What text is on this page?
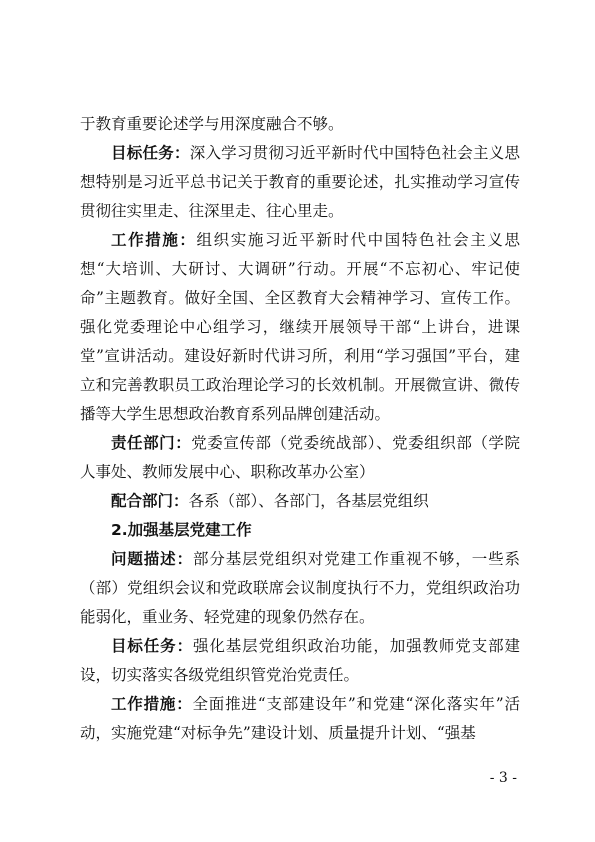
于教育重要论述学与用深度融合不够。

目标任务：深入学习贯彻习近平新时代中国特色社会主义思想特别是习近平总书记关于教育的重要论述，扎实推动学习宣传贯彻往实里走、往深里走、往心里走。

工作措施：组织实施习近平新时代中国特色社会主义思想“大培训、大研讨、大调研”行动。开展“不忘初心、牢记使命”主题教育。做好全国、全区教育大会精神学习、宣传工作。强化党委理论中心组学习，继续开展领导干部“上讲台，进课堂”宣讲活动。建设好新时代讲习所，利用“学习强国”平台，建立和完善教职员工政治理论学习的长效机制。开展微宣讲、微传播等大学生思想政治教育系列品牌创建活动。

责任部门：党委宣传部（党委统战部）、党委组织部（学院人事处、教师发展中心、职称改革办公室）

配合部门：各系（部）、各部门，各基层党组织

2.加强基层党建工作

问题描述：部分基层党组织对党建工作重视不够，一些系（部）党组织会议和党政联席会议制度执行不力，党组织政治功能弱化，重业务、轻党建的现象仍然存在。

目标任务：强化基层党组织政治功能，加强教师党支部建设，切实落实各级党组织管党治党责任。

工作措施：全面推进“支部建设年”和党建“深化落实年”活动，实施党建“对标争先”建设计划、质量提升计划、“强基

- 3 -
